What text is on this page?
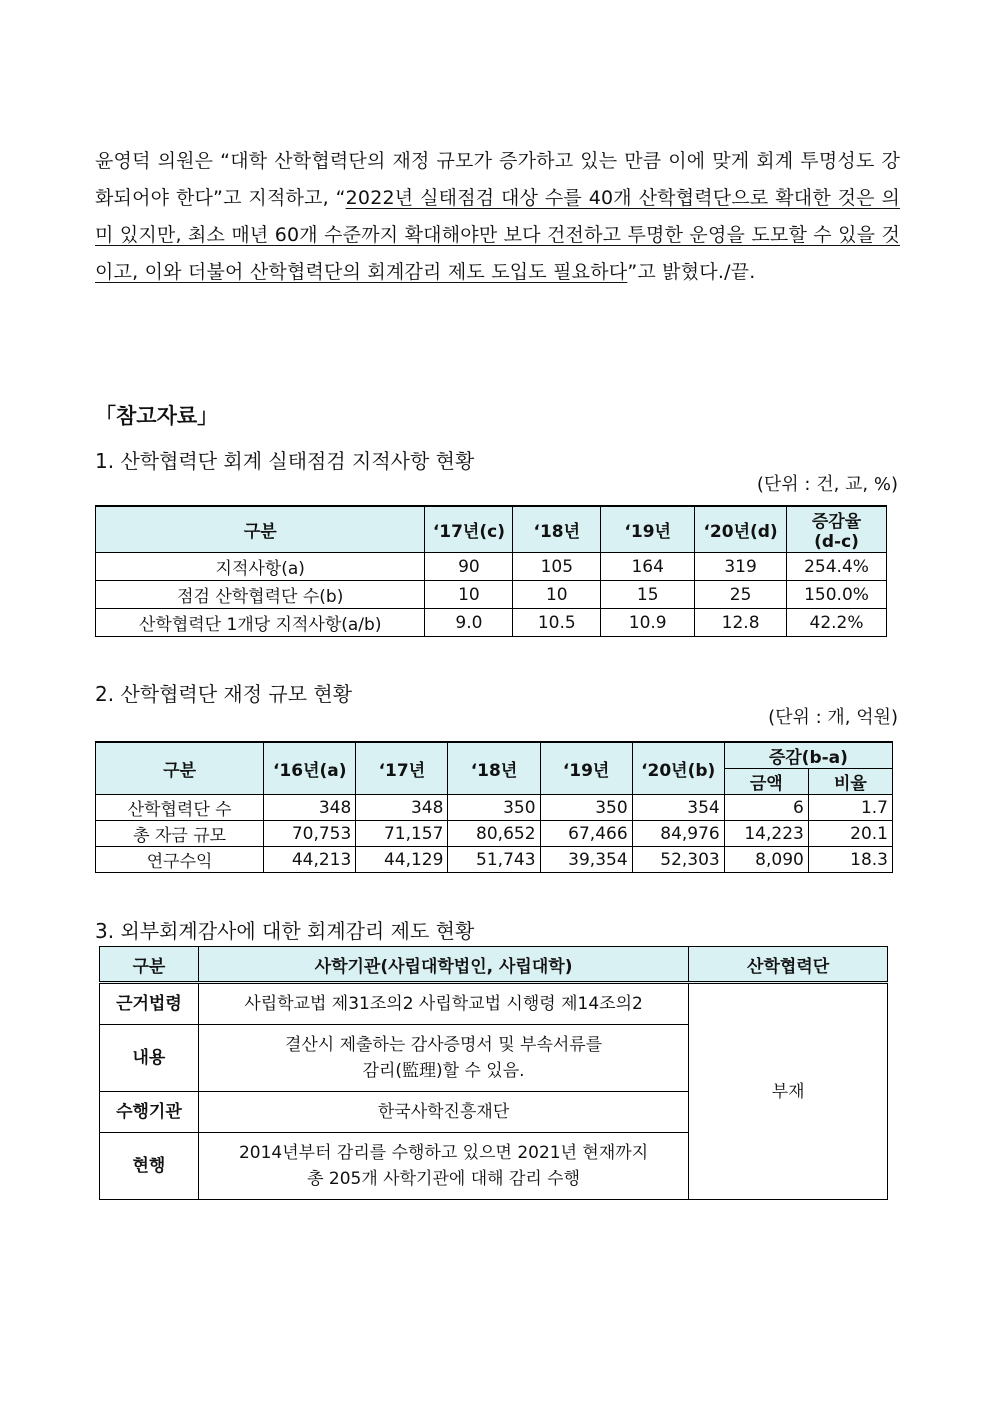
윤영덕 의원은 “대학 산학협력단의 재정 규모가 증가하고 있는 만큼 이에 맞게 회계 투명성도 강화되어야 한다”고 지적하고, “2022년 실태점검 대상 수를 40개 산학협력단으로 확대한 것은 의미 있지만, 최소 매년 60개 수준까지 확대해야만 보다 건전하고 투명한 운영을 도모할 수 있을 것이고, 이와 더불어 산학협력단의 회계감리 제도 도입도 필요하다”고 밝혔다./끝.
「참고자료」
1. 산학협력단 회계 실태점검 지적사항 현황
(단위 : 건, 교, %)
구분	‘17년(c)	‘18년	‘19년	‘20년(d)	증감율
(d-c)
지적사항(a)	90	105	164	319	254.4%
점검 산학협력단 수(b)	10	10	15	25	150.0%
산학협력단 1개당 지적사항(a/b)	9.0	10.5	10.9	12.8	42.2%
2. 산학협력단 재정 규모 현황
(단위 : 개, 억원)
구분	‘16년(a)	‘17년	‘18년	‘19년	‘20년(b)	증감(b-a)	
						금액	비율
산학협력단 수	348	348	350	350	354	6	1.7
총 자금 규모	70,753	71,157	80,652	67,466	84,976	14,223	20.1
연구수익	44,213	44,129	51,743	39,354	52,303	8,090	18.3
3. 외부회계감사에 대한 회계감리 제도 현황
구분	사학기관(사립대학법인, 사립대학)	산학협력단
근거법령	사립학교법 제31조의2 사립학교법 시행령 제14조의2	부재
내용	결산시 제출하는 감사증명서 및 부속서류를
감리(監理)할 수 있음.	
수행기관	한국사학진흥재단	
현행	2014년부터 감리를 수행하고 있으면 2021년 현재까지
총 205개 사학기관에 대해 감리 수행	
